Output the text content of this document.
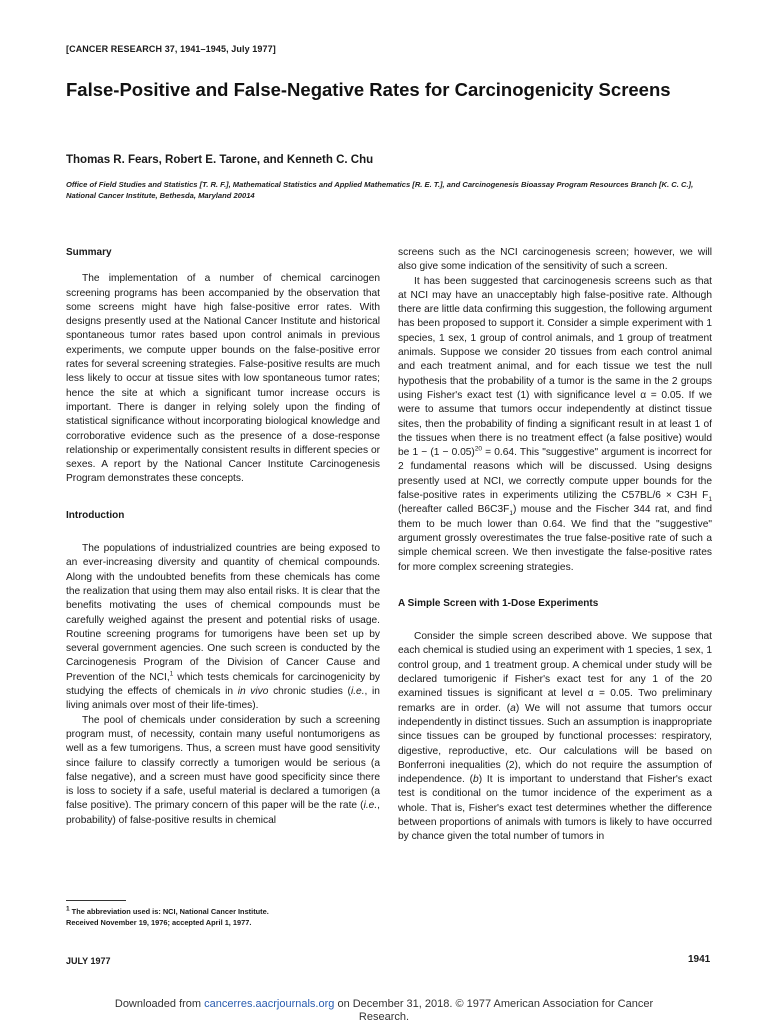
[CANCER RESEARCH 37, 1941–1945, July 1977]
False-Positive and False-Negative Rates for Carcinogenicity Screens
Thomas R. Fears, Robert E. Tarone, and Kenneth C. Chu
Office of Field Studies and Statistics [T. R. F.], Mathematical Statistics and Applied Mathematics [R. E. T.], and Carcinogenesis Bioassay Program Resources Branch [K. C. C.], National Cancer Institute, Bethesda, Maryland 20014
Summary

The implementation of a number of chemical carcinogen screening programs has been accompanied by the observation that some screens might have high false-positive error rates. With designs presently used at the National Cancer Institute and historical spontaneous tumor rates based upon control animals in previous experiments, we compute upper bounds on the false-positive error rates for several screening strategies. False-positive results are much less likely to occur at tissue sites with low spontaneous tumor rates; hence the site at which a significant tumor increase occurs is important. There is danger in relying solely upon the finding of statistical significance without incorporating biological knowledge and corroborative evidence such as the presence of a dose-response relationship or experimentally consistent results in different species or sexes. A report by the National Cancer Institute Carcinogenesis Program demonstrates these concepts.

Introduction

The populations of industrialized countries are being exposed to an ever-increasing diversity and quantity of chemical compounds. Along with the undoubted benefits from these chemicals has come the realization that using them may also entail risks. It is clear that the benefits motivating the uses of chemical compounds must be carefully weighed against the present and potential risks of usage. Routine screening programs for tumorigens have been set up by several government agencies. One such screen is conducted by the Carcinogenesis Program of the Division of Cancer Cause and Prevention of the NCI,$^1$ which tests chemicals for carcinogenicity by studying the effects of chemicals in in vivo chronic studies (i.e., in living animals over most of their life-times).

The pool of chemicals under consideration by such a screening program must, of necessity, contain many useful nontumorigens as well as a few tumorigens. Thus, a screen must have good sensitivity since failure to classify correctly a tumorigen would be serious (a false negative), and a screen must have good specificity since there is loss to society if a safe, useful material is declared a tumorigen (a false positive). The primary concern of this paper will be the rate (i.e., probability) of false-positive results in chemical

$^1$ The abbreviation used is: NCI, National Cancer Institute.
Received November 19, 1976; accepted April 1, 1977.

screens such as the NCI carcinogenesis screen; however, we will also give some indication of the sensitivity of such a screen.

It has been suggested that carcinogenesis screens such as that at NCI may have an unacceptably high false-positive rate. Although there are little data confirming this suggestion, the following argument has been proposed to support it. Consider a simple experiment with 1 species, 1 sex, 1 group of control animals, and 1 group of treatment animals. Suppose we consider 20 tissues from each control animal and each treatment animal, and for each tissue we test the null hypothesis that the probability of a tumor is the same in the 2 groups using Fisher's exact test (1) with significance level α = 0.05. If we were to assume that tumors occur independently at distinct tissue sites, then the probability of finding a significant result in at least 1 of the tissues when there is no treatment effect (a false positive) would be $1 - (1 - 0.05)^{20} = 0.64$. This "suggestive" argument is incorrect for 2 fundamental reasons which will be discussed. Using designs presently used at NCI, we correctly compute upper bounds for the false-positive rates in experiments utilizing the C57BL/6 × C3H $F_1$ (hereafter called $B6C3F_1$) mouse and the Fischer 344 rat, and find them to be much lower than 0.64. We find that the "suggestive" argument grossly overestimates the true false-positive rate of such a simple chemical screen. We then investigate the false-positive rates for more complex screening strategies.

A Simple Screen with 1-Dose Experiments

Consider the simple screen described above. We suppose that each chemical is studied using an experiment with 1 species, 1 sex, 1 control group, and 1 treatment group. A chemical under study will be declared tumorigenic if Fisher's exact test for any 1 of the 20 examined tissues is significant at level α = 0.05. Two preliminary remarks are in order. (a) We will not assume that tumors occur independently in distinct tissues. Such an assumption is inappropriate since tissues can be grouped by functional processes: respiratory, digestive, reproductive, etc. Our calculations will be based on Bonferroni inequalities (2), which do not require the assumption of independence. (b) It is important to understand that Fisher's exact test is conditional on the tumor incidence of the experiment as a whole. That is, Fisher's exact test determines whether the difference between proportions of animals with tumors is likely to have occurred by chance given the total number of tumors in

JULY 1977	1941
Downloaded from cancerres.aacrjournals.org on December 31, 2018. © 1977 American Association for Cancer Research.
